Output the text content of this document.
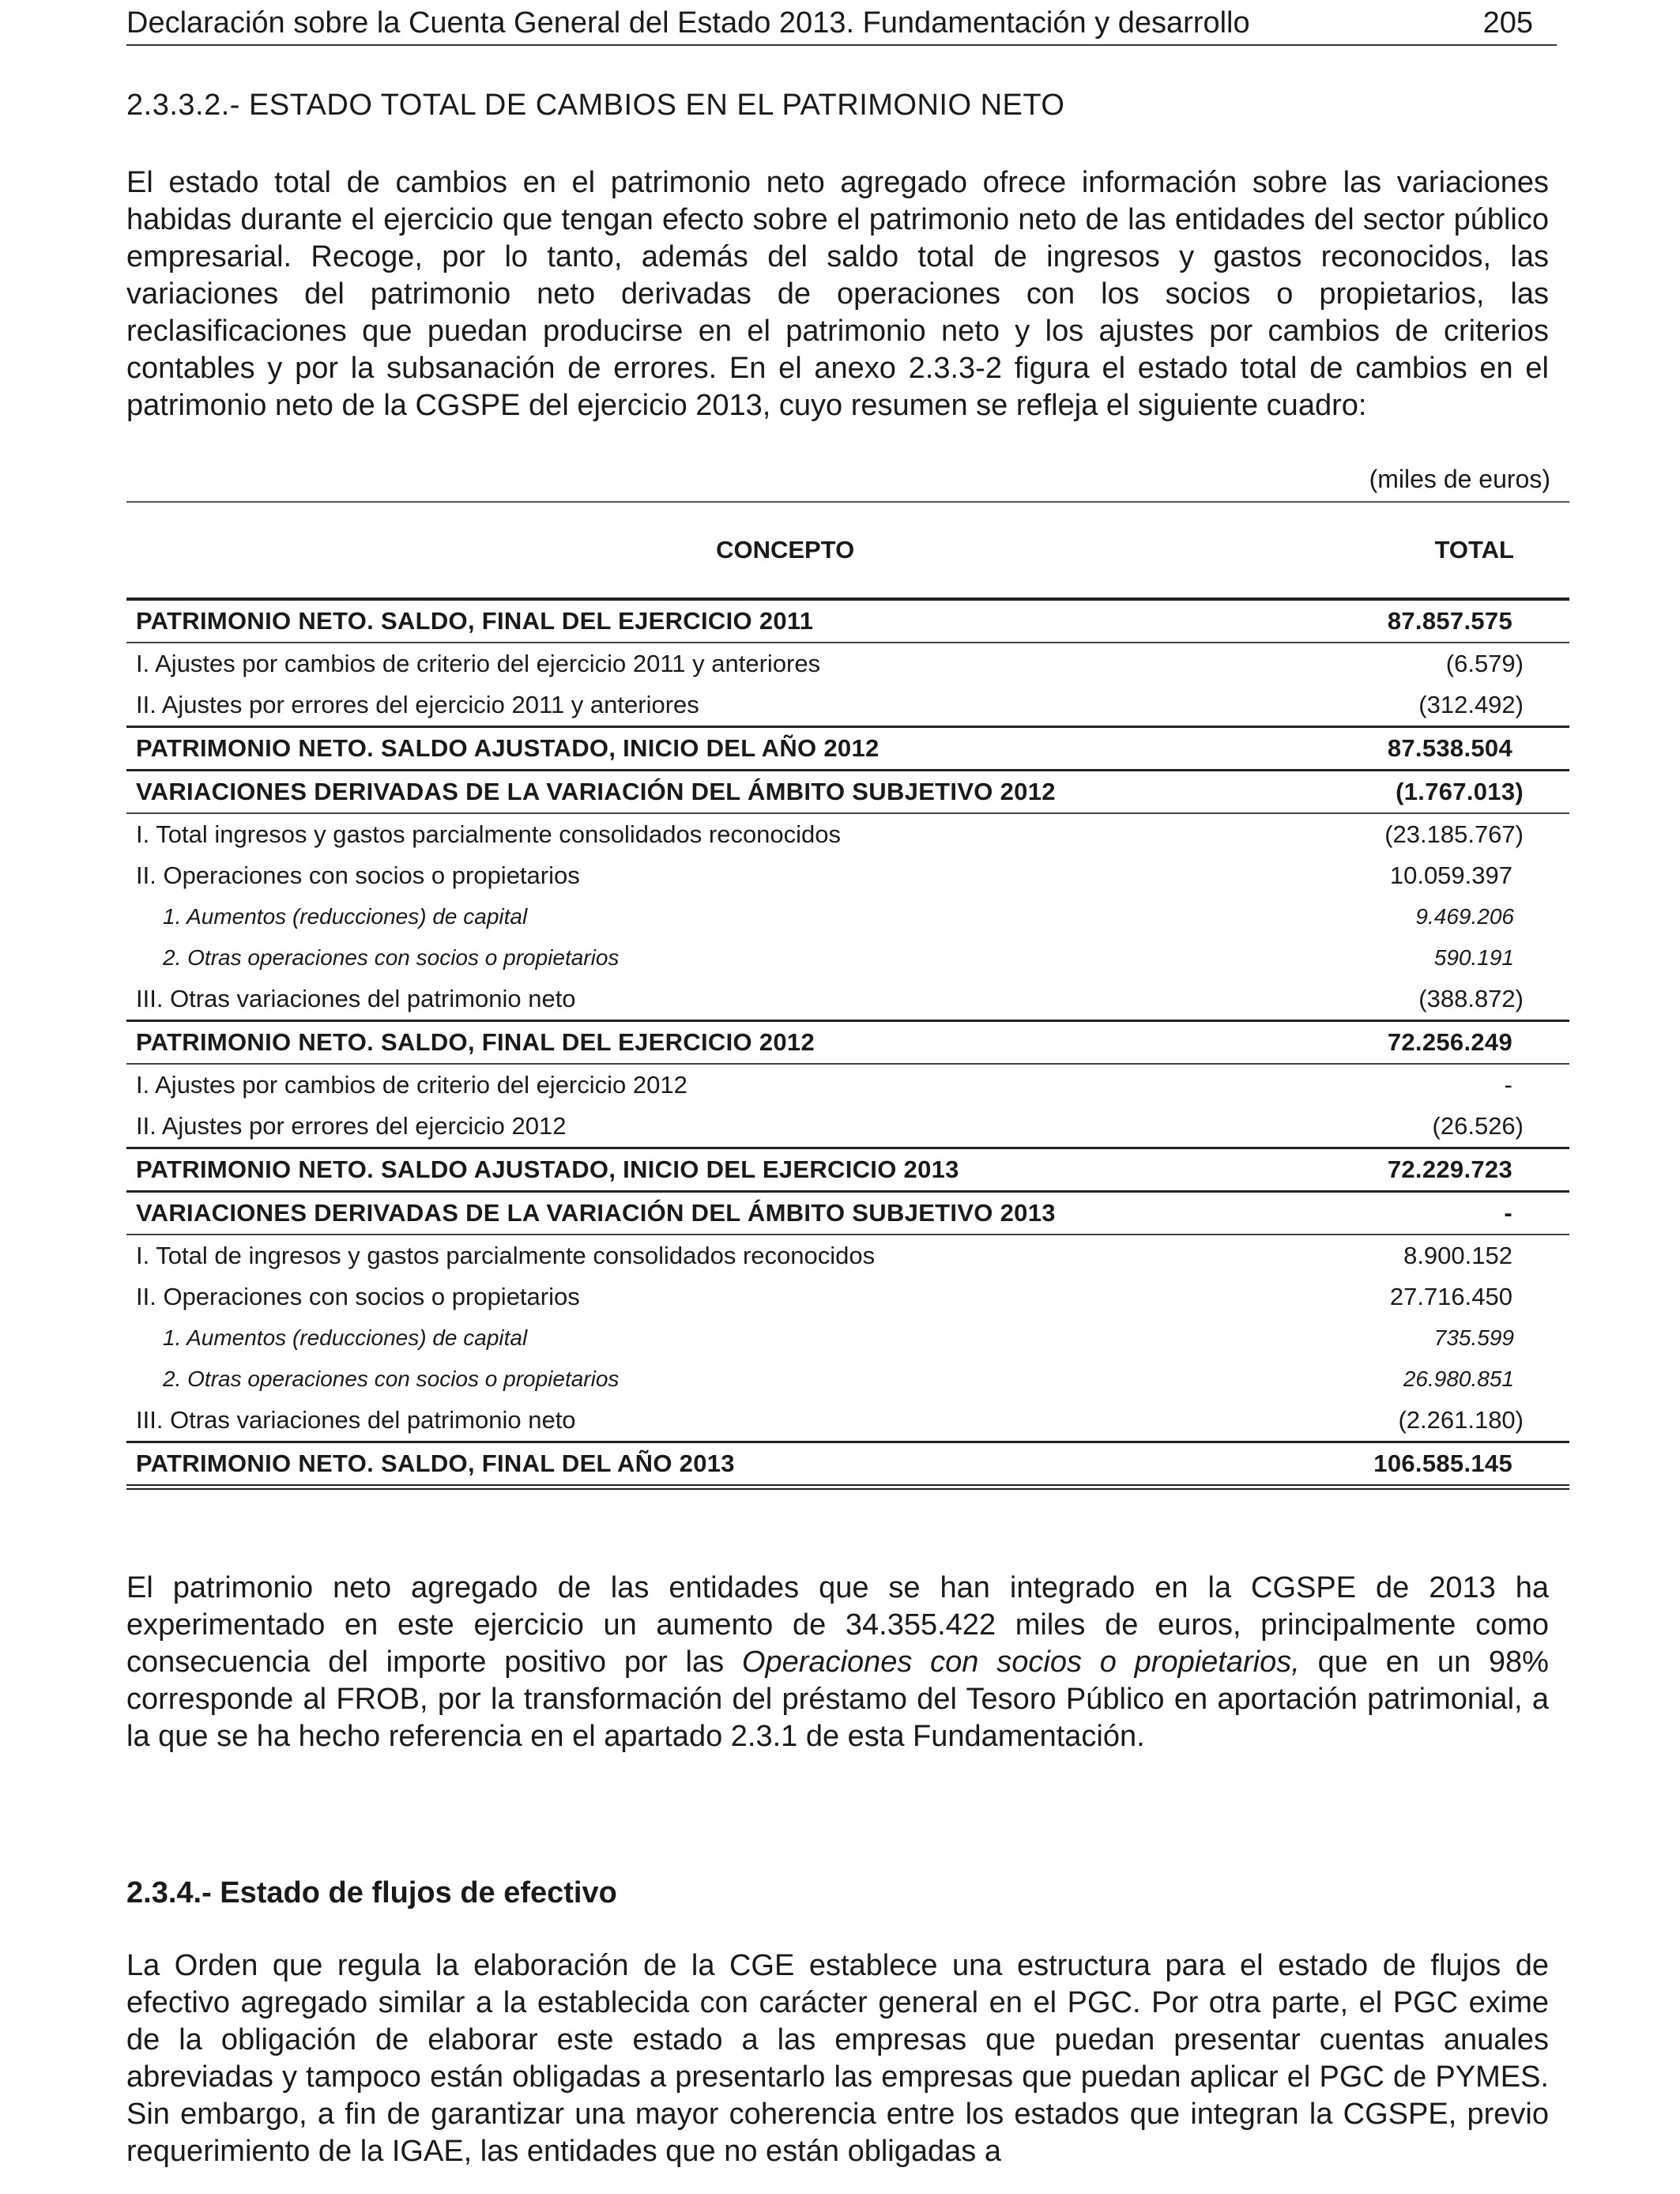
Declaración sobre la Cuenta General del Estado 2013. Fundamentación y desarrollo	205
2.3.3.2.- ESTADO TOTAL DE CAMBIOS EN EL PATRIMONIO NETO

El estado total de cambios en el patrimonio neto agregado ofrece información sobre las variaciones habidas durante el ejercicio que tengan efecto sobre el patrimonio neto de las entidades del sector público empresarial. Recoge, por lo tanto, además del saldo total de ingresos y gastos reconocidos, las variaciones del patrimonio neto derivadas de operaciones con los socios o propietarios, las reclasificaciones que puedan producirse en el patrimonio neto y los ajustes por cambios de criterios contables y por la subsanación de errores. En el anexo 2.3.3-2 figura el estado total de cambios en el patrimonio neto de la CGSPE del ejercicio 2013, cuyo resumen se refleja el siguiente cuadro:

(miles de euros)
CONCEPTO	TOTAL
PATRIMONIO NETO. SALDO, FINAL DEL EJERCICIO 2011	87.857.575
I. Ajustes por cambios de criterio del ejercicio 2011 y anteriores	(6.579)
II. Ajustes por errores del ejercicio 2011 y anteriores	(312.492)
PATRIMONIO NETO. SALDO AJUSTADO, INICIO DEL AÑO 2012	87.538.504
VARIACIONES DERIVADAS DE LA VARIACIÓN DEL ÁMBITO SUBJETIVO 2012	(1.767.013)
I. Total ingresos y gastos parcialmente consolidados reconocidos	(23.185.767)
II. Operaciones con socios o propietarios	10.059.397
1. Aumentos (reducciones) de capital	9.469.206
2. Otras operaciones con socios o propietarios	590.191
III. Otras variaciones del patrimonio neto	(388.872)
PATRIMONIO NETO. SALDO, FINAL DEL EJERCICIO 2012	72.256.249
I. Ajustes por cambios de criterio del ejercicio 2012	-
II. Ajustes por errores del ejercicio 2012	(26.526)
PATRIMONIO NETO. SALDO AJUSTADO, INICIO DEL EJERCICIO 2013	72.229.723
VARIACIONES DERIVADAS DE LA VARIACIÓN DEL ÁMBITO SUBJETIVO 2013	-
I. Total de ingresos y gastos parcialmente consolidados reconocidos	8.900.152
II. Operaciones con socios o propietarios	27.716.450
1. Aumentos (reducciones) de capital	735.599
2. Otras operaciones con socios o propietarios	26.980.851
III. Otras variaciones del patrimonio neto	(2.261.180)
PATRIMONIO NETO. SALDO, FINAL DEL AÑO 2013	106.585.145

El patrimonio neto agregado de las entidades que se han integrado en la CGSPE de 2013 ha experimentado en este ejercicio un aumento de 34.355.422 miles de euros, principalmente como consecuencia del importe positivo por las Operaciones con socios o propietarios, que en un 98% corresponde al FROB, por la transformación del préstamo del Tesoro Público en aportación patrimonial, a la que se ha hecho referencia en el apartado 2.3.1 de esta Fundamentación.

2.3.4.- Estado de flujos de efectivo

La Orden que regula la elaboración de la CGE establece una estructura para el estado de flujos de efectivo agregado similar a la establecida con carácter general en el PGC. Por otra parte, el PGC exime de la obligación de elaborar este estado a las empresas que puedan presentar cuentas anuales abreviadas y tampoco están obligadas a presentarlo las empresas que puedan aplicar el PGC de PYMES. Sin embargo, a fin de garantizar una mayor coherencia entre los estados que integran la CGSPE, previo requerimiento de la IGAE, las entidades que no están obligadas a
